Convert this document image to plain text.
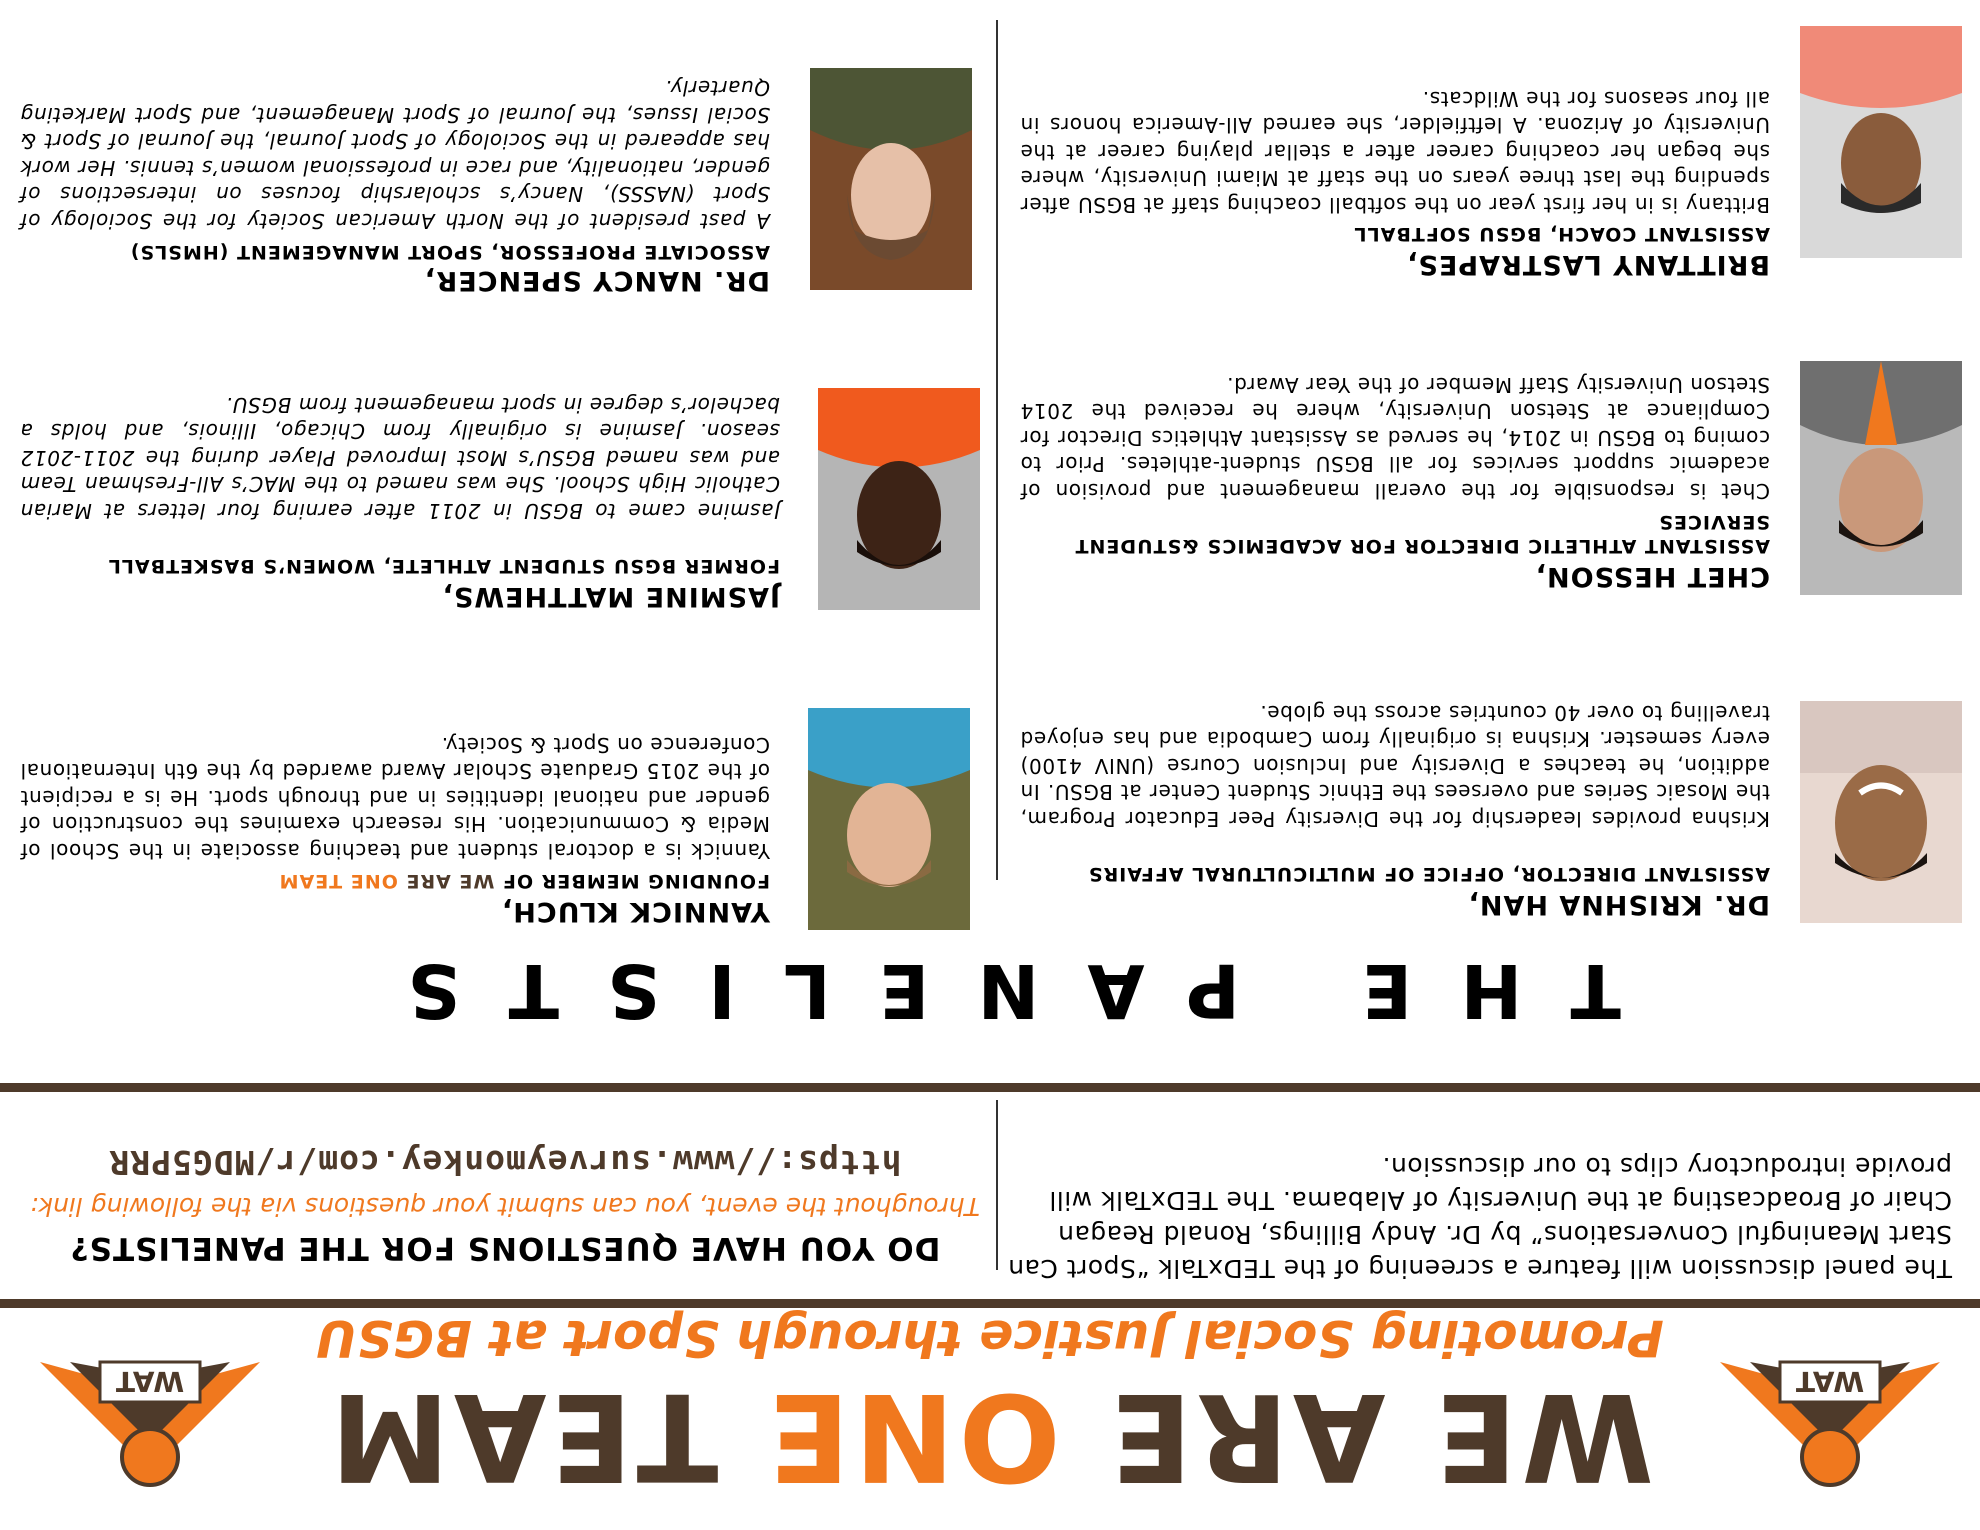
WAT
WE ARE ONE TEAM
Promoting Social Justice through Sport at BGSU
WAT
The panel discussion will feature a screening of the TEDxTalk “Sport Can Start Meaningful Conversations” by Dr. Andy Billings, Ronald Reagan Chair of Broadcasting at the University of Alabama. The TEDxTalk will provide introductory clips to our discussion.
DO YOU HAVE QUESTIONS FOR THE PANELISTS?
Throughout the event, you can submit your questions via the following link:
https://www.surveymonkey.com/r/MDG5PRR
THE PANELISTS
DR. KRISHNA HAN,
ASSISTANT DIRECTOR, OFFICE OF MULTICULTURAL AFFAIRS
Krishna provides leadership for the Diversity Peer Educator Program, the Mosaic Series and oversees the Ethnic Student Center at BGSU. In addition, he teaches a Diversity and Inclusion Course (UNIV 4100) every semester. Krishna is originally from Cambodia and has enjoyed travelling to over 40 countries across the globe.
CHET HESSON,
ASSISTANT ATHLETIC DIRECTOR FOR ACADEMICS &STUDENT SERVICES
Chet is responsible for the overall management and provision of academic support services for all BGSU student-athletes. Prior to coming to BGSU in 2014, he served as Assistant Athletics Director for Compliance at Stetson University, where he received the 2014 Stetson University Staff Member of the Year Award.
BRITTANY LASTRAPES,
ASSISTANT COACH, BGSU SOFTBALL
Brittany is in her first year on the softball coaching staff at BGSU after spending the last three years on the staff at Miami University, where she began her coaching career after a stellar playing career at the University of Arizona. A leftfielder, she earned All-America honors in all four seasons for the Wildcats.
YANNICK KLUCH,
FOUNDING MEMBER OF WE ARE ONE TEAM
Yannick is a doctoral student and teaching associate in the School of Media & Communication. His research examines the construction of gender and national identities in and through sport. He is a recipient of the 2015 Graduate Scholar Award awarded by the 6th International Conference on Sport & Society.
JASMINE MATTHEWS,
FORMER BGSU STUDENT ATHLETE, WOMEN’S BASKETBALL
Jasmine came to BGSU in 2011 after earning four letters at Marian Catholic High School. She was named to the MAC’s All-Freshman Team and was named BGSU’s Most Improved Player during the 2011-2012 season. Jasmine is originally from Chicago, Illinois, and holds a bachelor’s degree in sport management from BGSU.
DR. NANCY SPENCER,
ASSOCIATE PROFESSOR, SPORT MANAGEMENT (HMSLS)
A past president of the North American Society for the Sociology of Sport (NASSS), Nancy’s scholarship focuses on intersections of gender, nationality, and race in professional women’s tennis. Her work has appeared in the Sociology of Sport Journal, the Journal of Sport & Social Issues, the Journal of Sport Management, and Sport Marketing Quarterly.
